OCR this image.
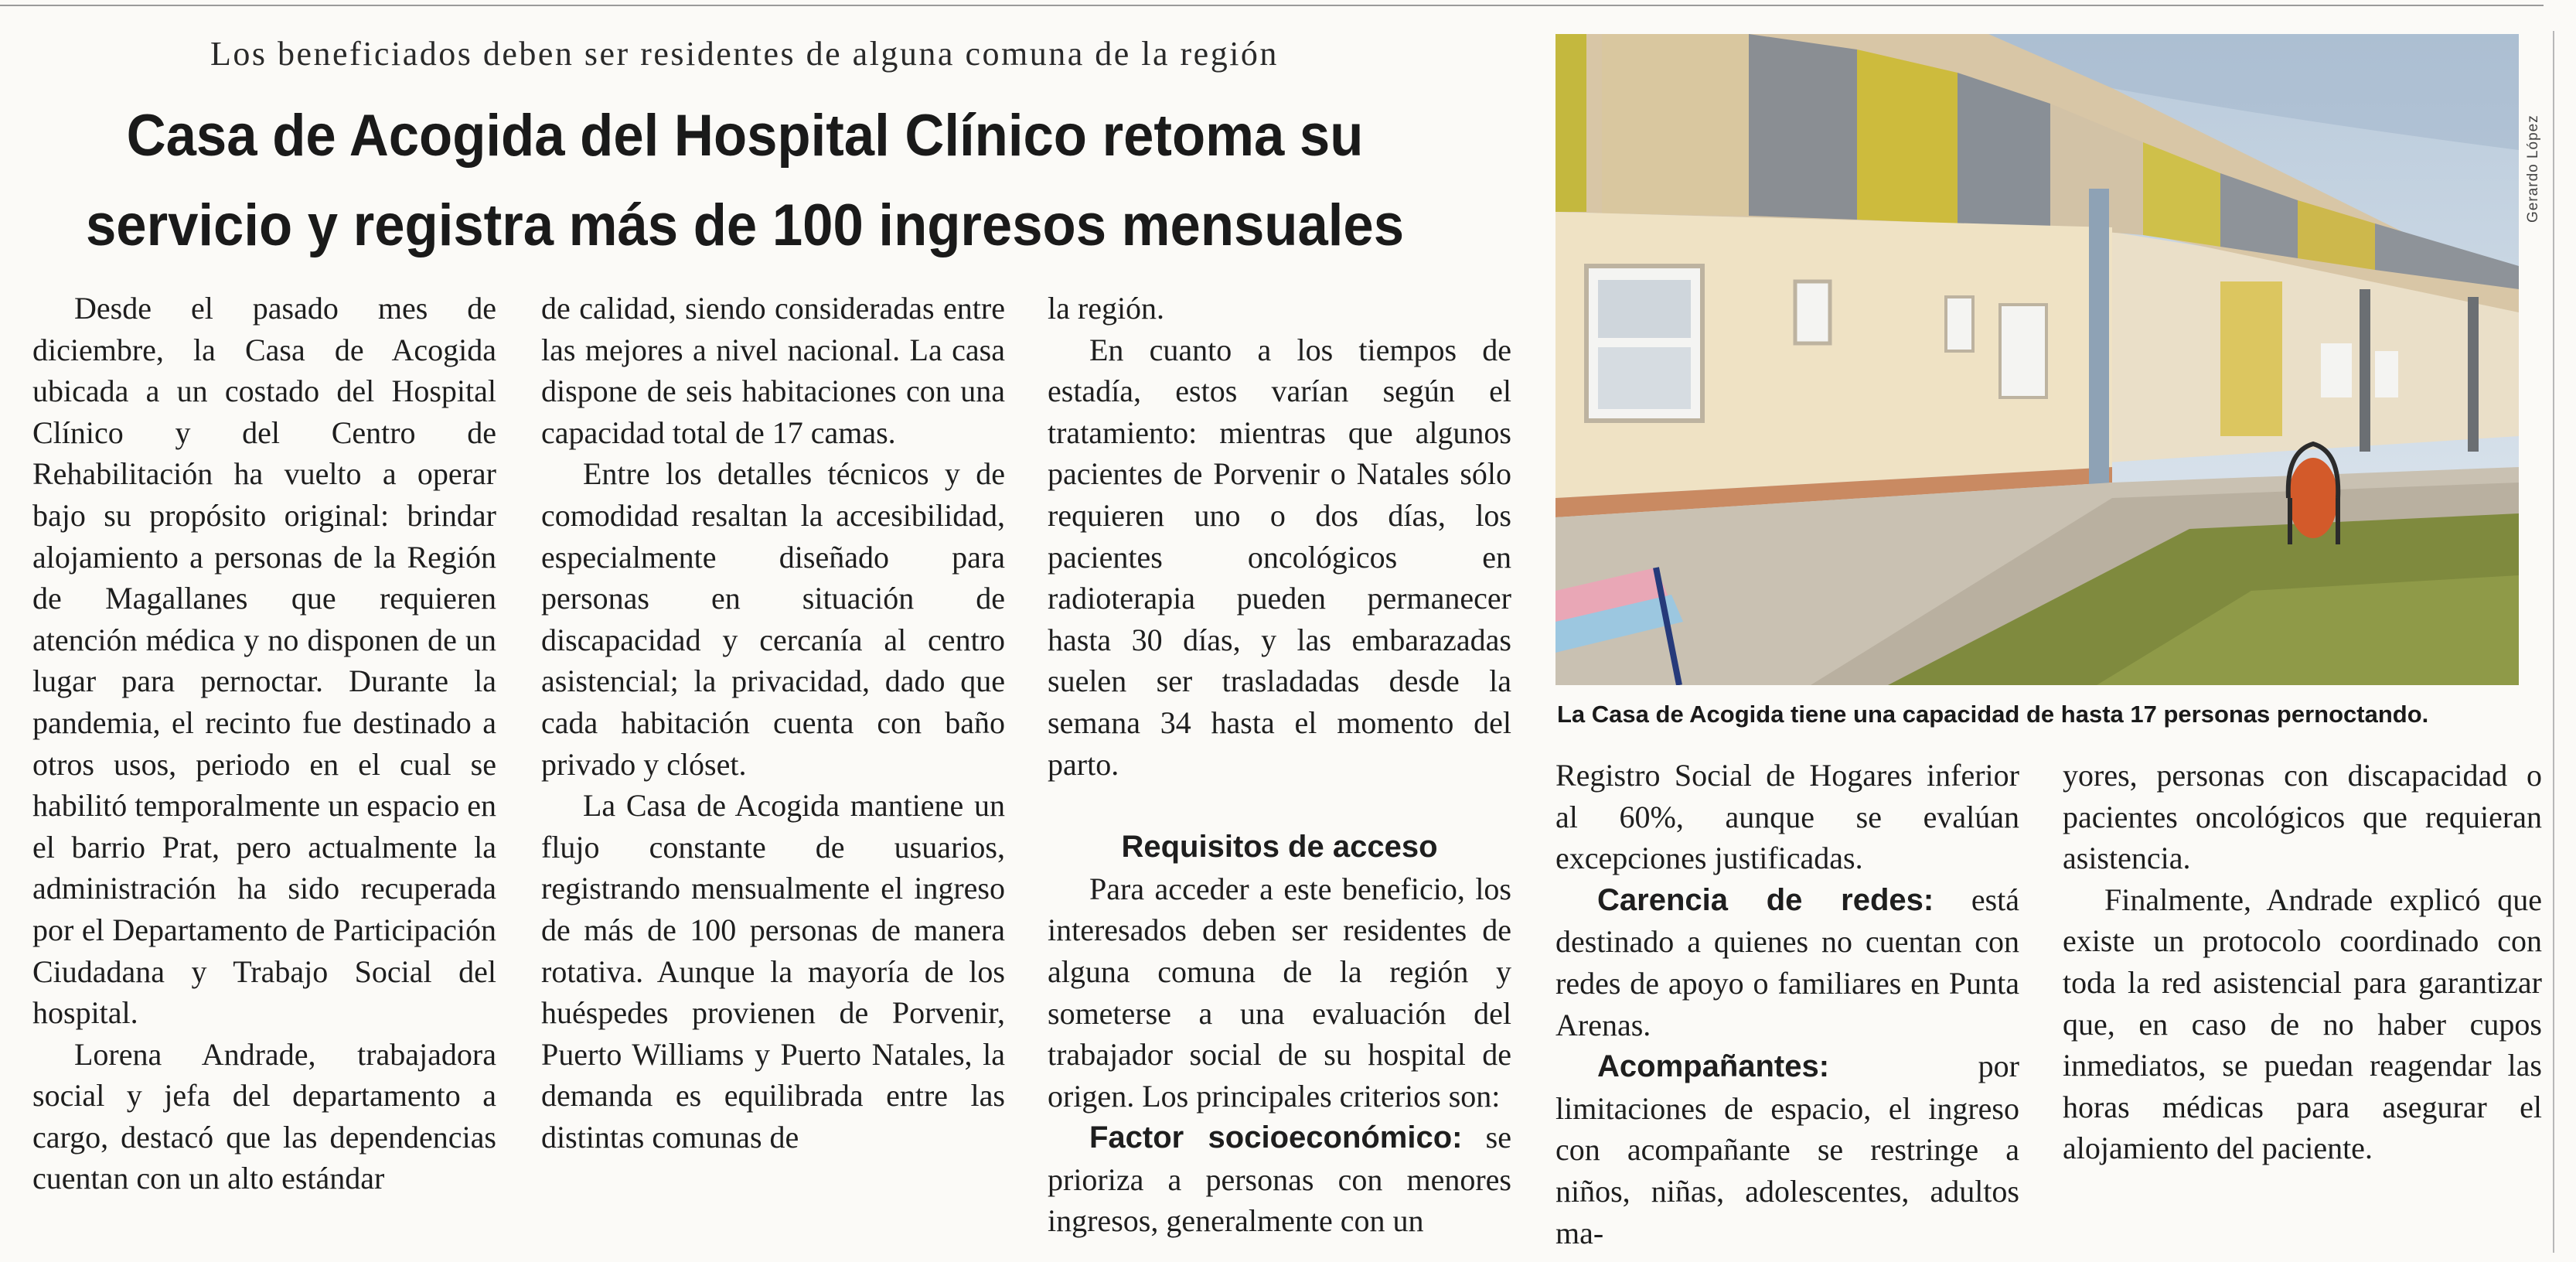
Los beneficiados deben ser residentes de alguna comuna de la región
Casa de Acogida del Hospital Clínico retoma su
servicio y registra más de 100 ingresos mensuales

Desde el pasado mes de diciembre, la Casa de Acogida ubicada a un costado del Hospital Clínico y del Centro de Rehabilitación ha vuelto a operar bajo su propósito original: brindar alojamiento a personas de la Región de Magallanes que requieren atención médica y no disponen de un lugar para pernoctar. Durante la pandemia, el recinto fue destinado a otros usos, periodo en el cual se habilitó temporalmente un espacio en el barrio Prat, pero actualmente la administración ha sido recuperada por el Departamento de Participación Ciudadana y Trabajo Social del hospital.

Lorena Andrade, trabajadora social y jefa del departamento a cargo, destacó que las dependencias cuentan con un alto estándar

de calidad, siendo consideradas entre las mejores a nivel nacional. La casa dispone de seis habitaciones con una capacidad total de 17 camas.

Entre los detalles técnicos y de comodidad resaltan la accesibilidad, especialmente diseñado para personas en situación de discapacidad y cercanía al centro asistencial; la privacidad, dado que cada habitación cuenta con baño privado y clóset.

La Casa de Acogida mantiene un flujo constante de usuarios, registrando mensualmente el ingreso de más de 100 personas de manera rotativa. Aunque la mayoría de los huéspedes provienen de Porvenir, Puerto Williams y Puerto Natales, la demanda es equilibrada entre las distintas comunas de

la región.

En cuanto a los tiempos de estadía, estos varían según el tratamiento: mientras que algunos pacientes de Porvenir o Natales sólo requieren uno o dos días, los pacientes oncológicos en radioterapia pueden permanecer hasta 30 días, y las embarazadas suelen ser trasladadas desde la semana 34 hasta el momento del parto.

Requisitos de acceso

Para acceder a este beneficio, los interesados deben ser residentes de alguna comuna de la región y someterse a una evaluación del trabajador social de su hospital de origen. Los principales criterios son:

Factor socioeconómico: se prioriza a personas con menores ingresos, generalmente con un

Gerardo López
La Casa de Acogida tiene una capacidad de hasta 17 personas pernoctando.

Registro Social de Hogares inferior al 60%, aunque se evalúan excepciones justificadas.

Carencia de redes: está destinado a quienes no cuentan con redes de apoyo o familiares en Punta Arenas.

Acompañantes: por limitaciones de espacio, el ingreso con acompañante se restringe a niños, niñas, adolescentes, adultos ma-

yores, personas con discapacidad o pacientes oncológicos que requieran asistencia.

Finalmente, Andrade explicó que existe un protocolo coordinado con toda la red asistencial para garantizar que, en caso de no haber cupos inmediatos, se puedan reagendar las horas médicas para asegurar el alojamiento del paciente.
